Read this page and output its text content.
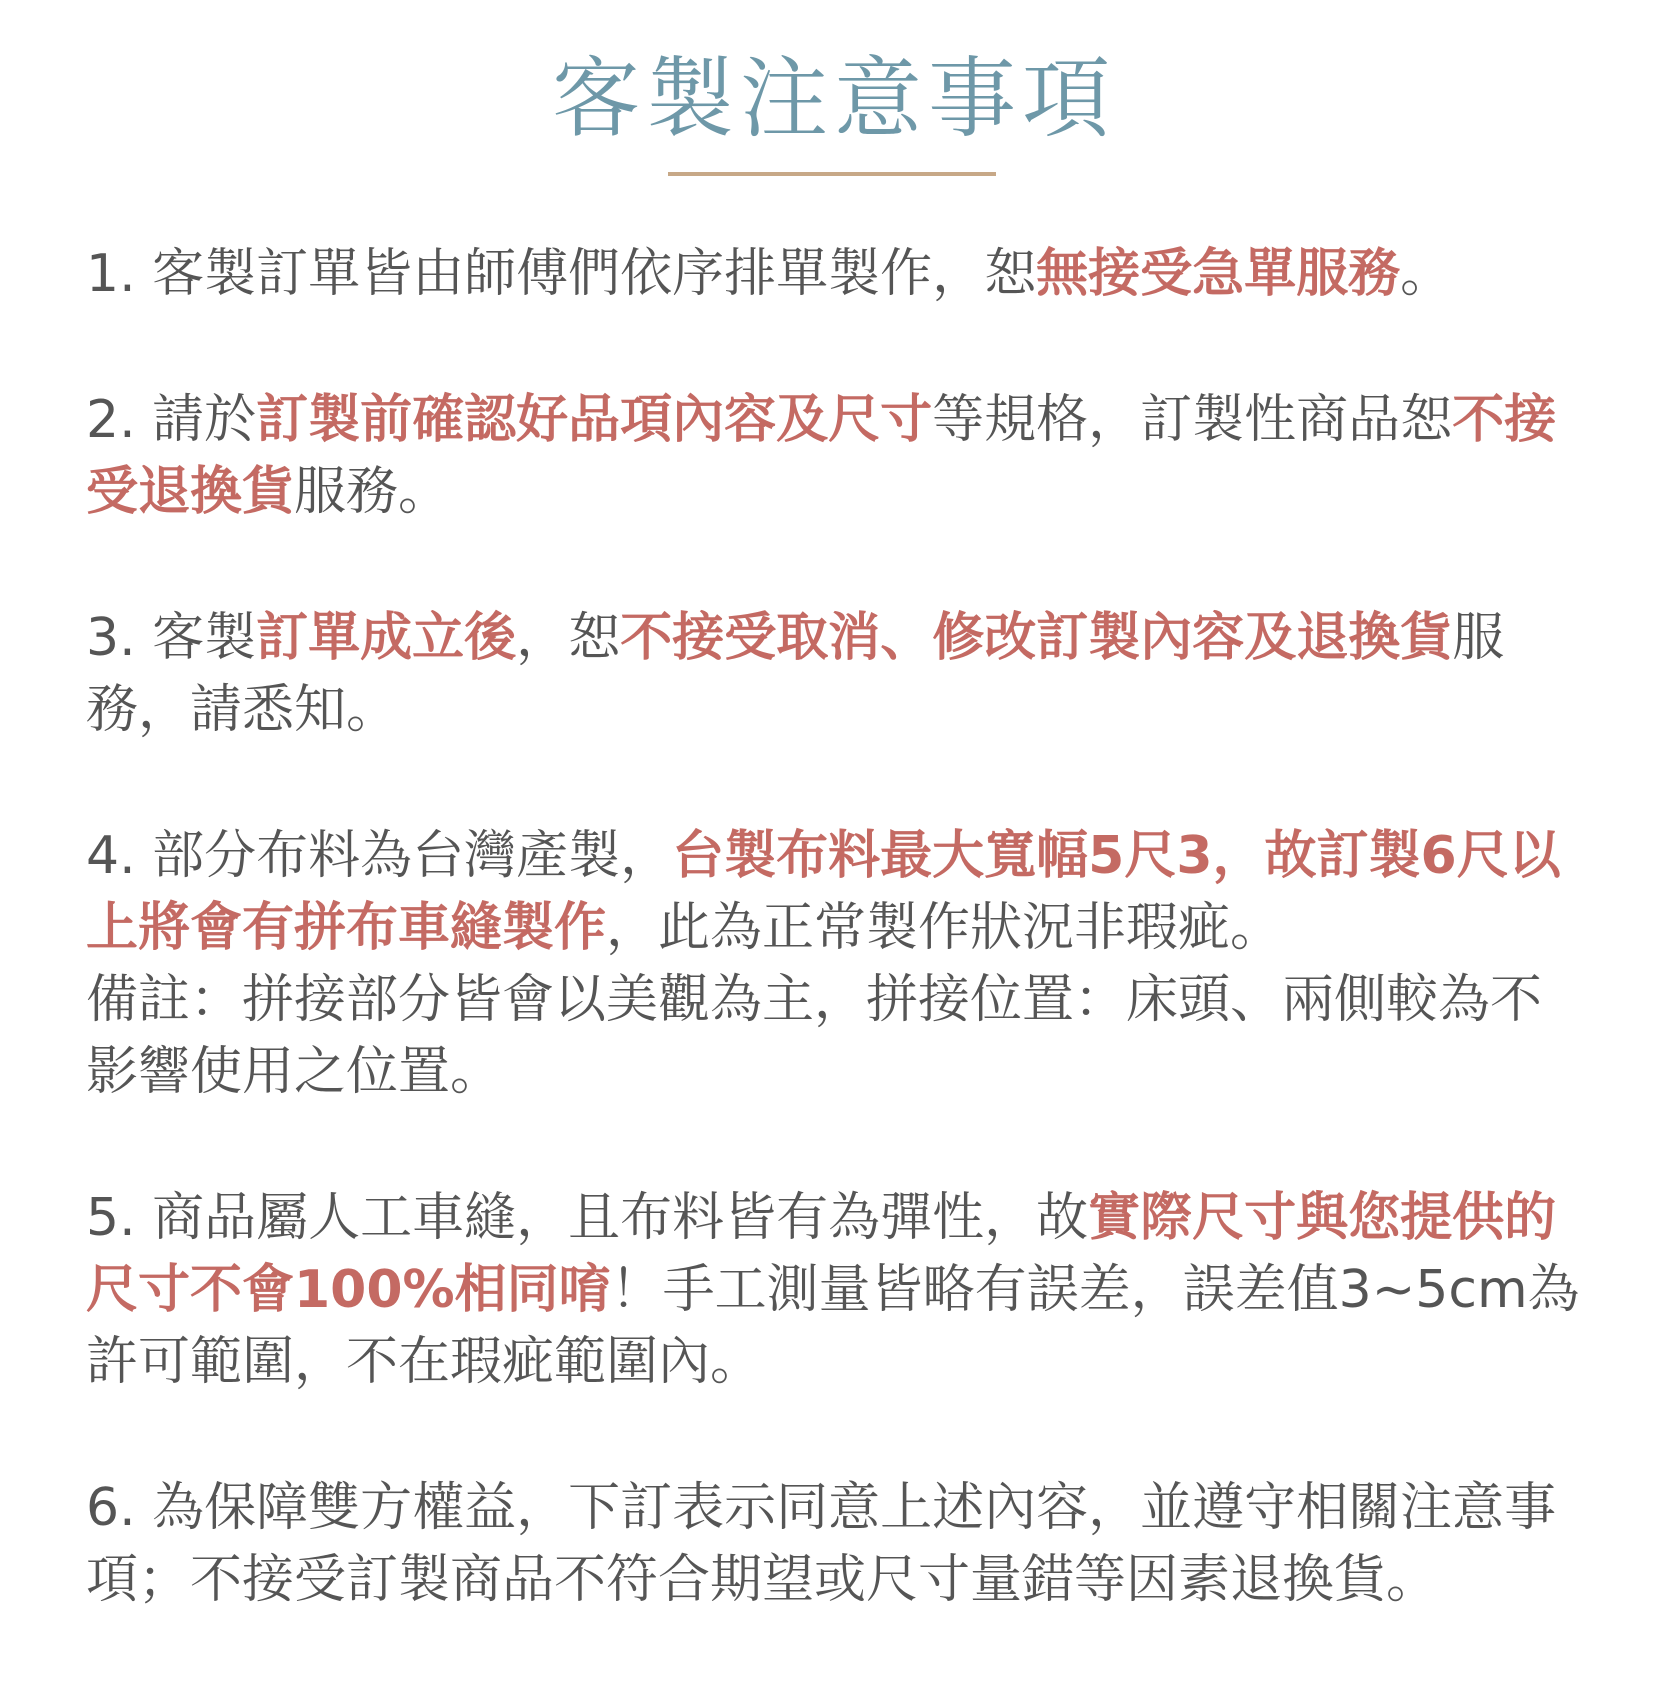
客製注意事項
1. 客製訂單皆由師傅們依序排單製作，恕無接受急單服務。
2. 請於訂製前確認好品項內容及尺寸等規格，訂製性商品恕不接受退換貨服務。
3. 客製訂單成立後，恕不接受取消、修改訂製內容及退換貨服務，請悉知。
4. 部分布料為台灣產製，台製布料最大寬幅5尺3，故訂製6尺以上將會有拼布車縫製作，此為正常製作狀況非瑕疵。
備註：拼接部分皆會以美觀為主，拼接位置：床頭、兩側較為不影響使用之位置。
5. 商品屬人工車縫，且布料皆有為彈性，故實際尺寸與您提供的尺寸不會100%相同唷！手工測量皆略有誤差，誤差值3~5cm為許可範圍，不在瑕疵範圍內。
6. 為保障雙方權益，下訂表示同意上述內容，並遵守相關注意事項；不接受訂製商品不符合期望或尺寸量錯等因素退換貨。
